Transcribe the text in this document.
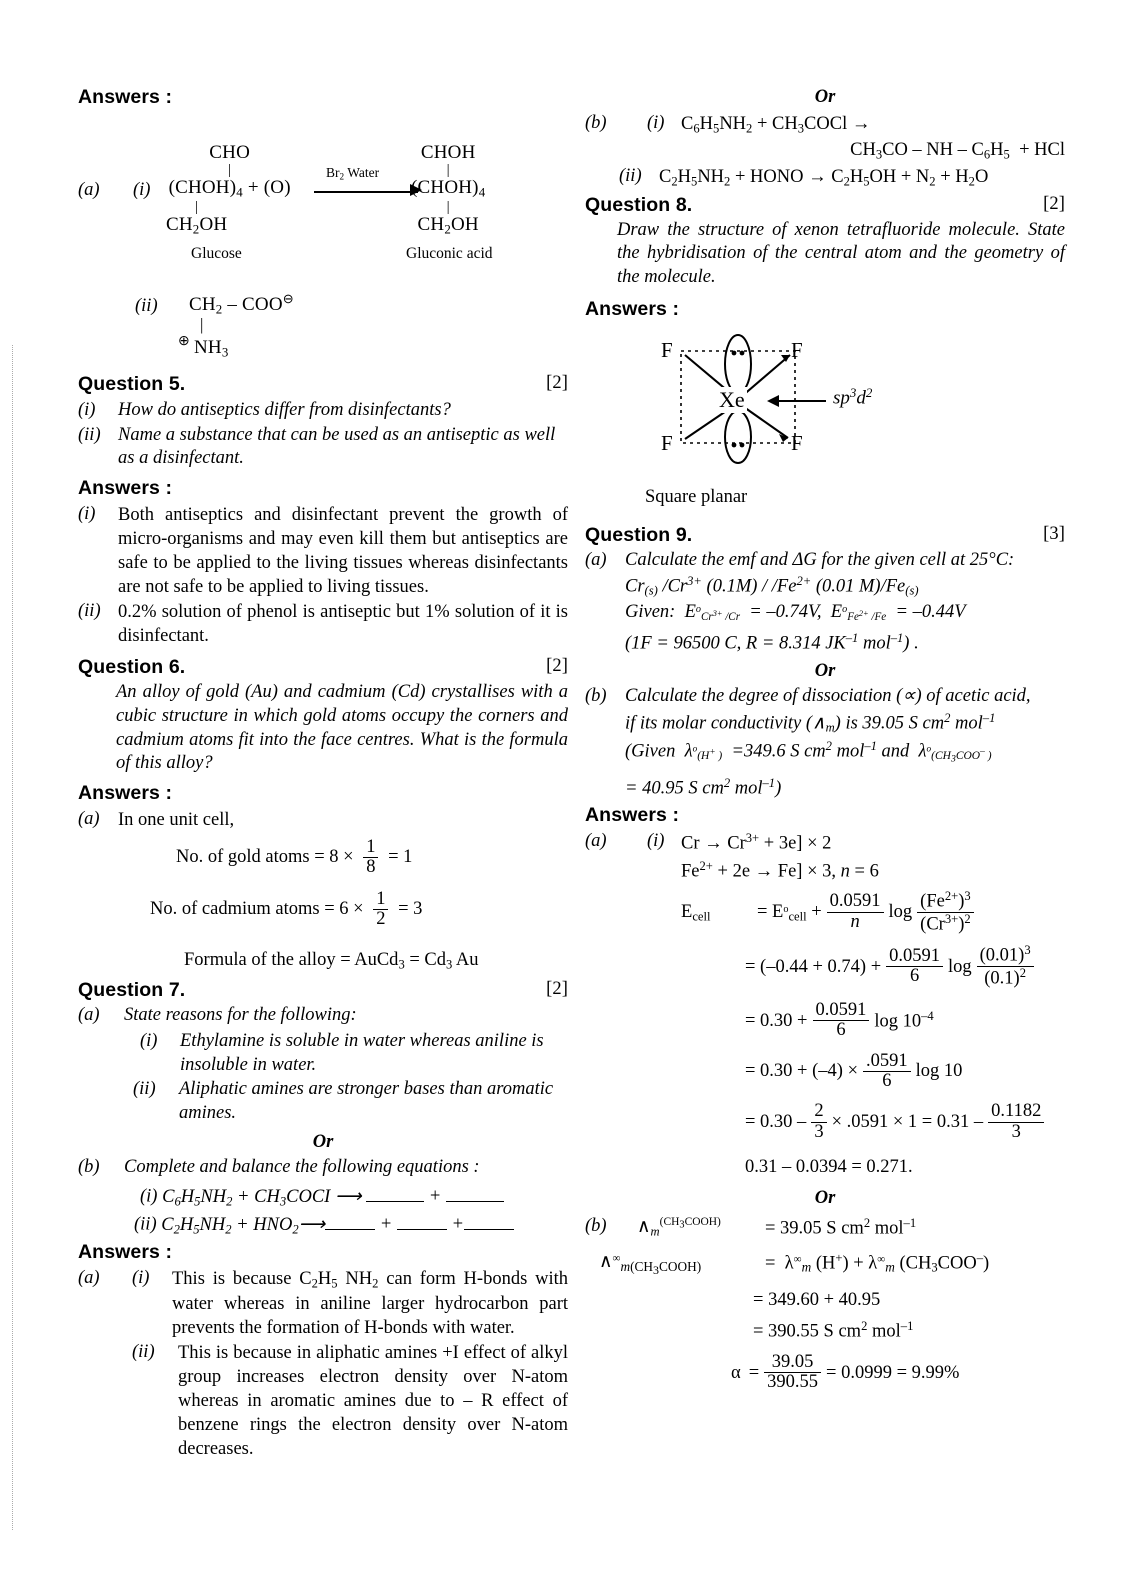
Answers :
(a) (i)
CHO
|
$(CHOH)_4 + (O)$
|
$CH_2OH$
Glucose
$Br_2$ Water
CHOH
|
$(CHOH)_4$
|
$CH_2OH$
Gluconic acid
(ii) $CH_2 - COO^⊖$
|
⊕ $NH_3$
Question 5.	[2]
(i)	How do antiseptics differ from disinfectants?
(ii) Name a substance that can be used as an antiseptic as well as a disinfectant.
Answers :
(i)	Both antiseptics and disinfectant prevent the growth of micro-organisms and may even kill them but antiseptics are safe to be applied to the living tissues whereas disinfectants are not safe to be applied to living tissues.
(ii) 0.2% solution of phenol is antiseptic but 1% solution of it is disinfectant.
Question 6.	[2]
An alloy of gold (Au) and cadmium (Cd) crystallises with a cubic structure in which gold atoms occupy the corners and cadmium atoms fit into the face centres. What is the formula of this alloy?
Answers :
(a) In one unit cell,
No. of gold atoms = $8 \times \frac{1}{8} = 1$
No. of cadmium atoms = $6 \times \frac{1}{2} = 3$
Formula of the alloy = AuCd$_3$ = $Cd_3$ Au
Question 7.	[2]
(a)	State reasons for the following:
(i)	Ethylamine is soluble in water whereas aniline is insoluble in water.
(ii)	Aliphatic amines are stronger bases than aromatic amines.
Or
(b)	Complete and balance the following equations :
(i) $C_6H_5NH_2$ + $CH_3COCI$ ⟶	+
(ii) $C_2H_5NH_2$ + $HNO_2⟶$	+	+
Answers :
(a)	(i)	This is because $C_2H_5$ $NH_2$ can form H-bonds with water whereas in aniline larger hydrocarbon part prevents the formation of H-bonds with water.
(ii)	This is because in aliphatic amines +I effect of alkyl group increases electron density over N-atom whereas in aromatic amines due to – R effect of benzene rings the electron density over N-atom decreases.
Or
(b)	(i) $C_6H_5NH_2$ + $CH_3COCl$ →
$CH_3CO$ – NH – $C_6H_5$  + HCl
(ii) $C_2H_5NH_2$ + HONO → $C_2H_5OH + N_2 + H_2O$
Question 8.	[2]
Draw the structure of xenon tetrafluoride molecule. State the hybridisation of the central atom and the geometry of the molecule.
Answers :
F	F
F	F
Xe	$sp^3d^2$
Square planar
Question 9.	[3]
(a) Calculate the emf and ΔG for the given cell at 25°C:
$Cr_{(s)}$ $/Cr^{3+}$ $(0.1M) / /Fe^{2+}$ (0.01 $M)/Fe_{(s)}$
Given:  $E^o_{Cr^{3+} /Cr} = -0.74V$,  $E^o_{Fe^{2+} /Fe} = -0.44V$
(1F = 96500 C, R = 8.314 $JK^{-1}$ mol$^{-1}$) .
Or
(b) Calculate the degree of dissociation (∝) of acetic acid,
if its molar conductivity $(\wedge_m)$ is 39.05 S $cm^2$ mol$^{-1}$
(Given  $\lambda^o_{(H^+ )} =349.6$ S $cm^2$ mol$^{-1}$ and  $\lambda^o_{(CH_3COO^- )}$
= 40.95 S $cm^2$ mol$^{-1}$)
Answers :
(a)	(i) $Cr \to Cr^{3+} + 3e] \times 2$
$Fe^{2+} + 2e \to Fe] \times 3$, n = 6
$E_{cell}$	= $E^o_{cell} + \frac{0.0591}{n}$ $\log \frac{(Fe^{2+})^3}{(Cr^{3+})^2}$
= $(-0.44 + 0.74) + \frac{0.0591}{6}$ $\log \frac{(0.01)^3}{(0.1)^2}$
= $0.30 + \frac{0.0591}{6}$ $\log 10^{-4}$
= $0.30 + (-4) \times \frac{.0591}{6}$ log 10
= $0.30 - \frac{2}{3} \times .0591 \times 1 = 0.31 - \frac{0.1182}{3}$
0.31 – 0.0394 = 0.271.
Or
(b)	$\wedge_m^{(CH_3COOH)}$	= 39.05 S $cm^2$ mol$^{-1}$
$\wedge^\infty_{m(CH_3COOH)}$	=  $\lambda^\infty_m$ $(H^+) + \lambda^\infty_m$ $(CH_3COO^-)$
= 349.60 + 40.95
= 390.55 S $cm^2$ mol$^{-1}$
$\alpha = \frac{39.05}{390.55} = 0.0999 = 9.99\%$
